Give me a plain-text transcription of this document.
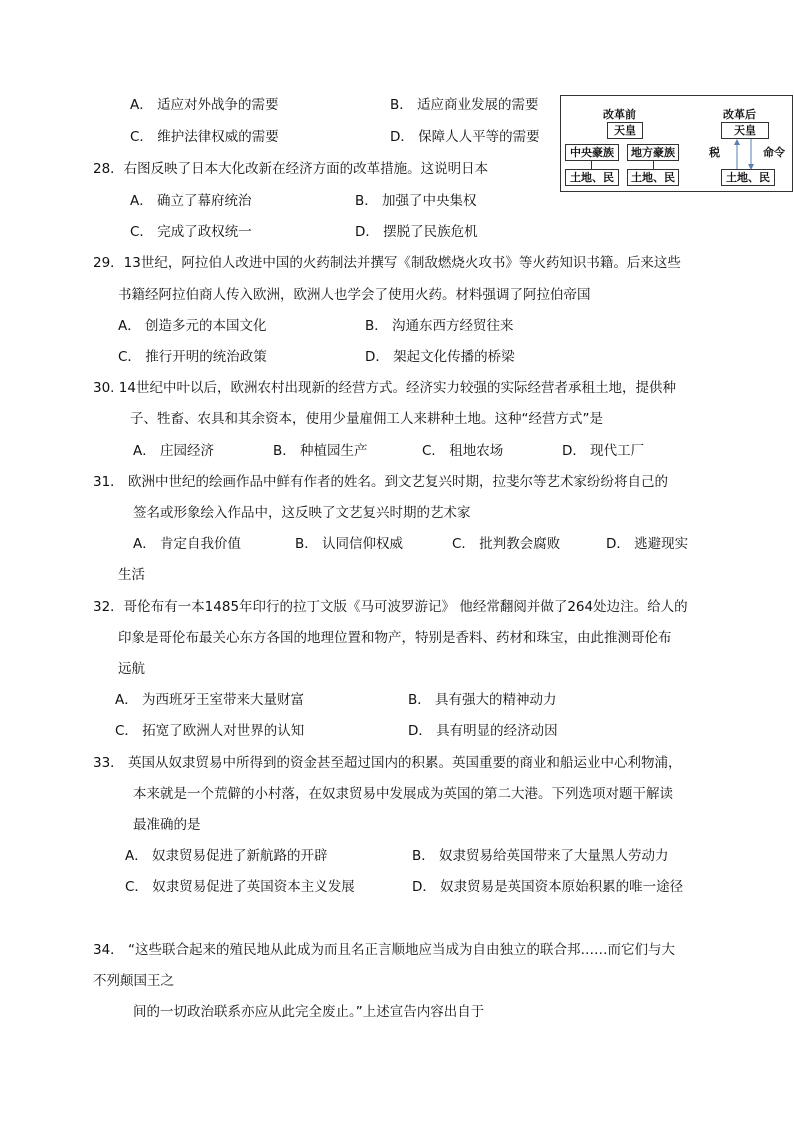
A． 适应对外战争的需要	B． 适应商业发展的需要
C． 维护法律权威的需要	D． 保障人人平等的需要
改革前	改革后
天皇	天皇
中央豪族	地方豪族
土地、民	土地、民
税	命令
土地、民
28．右图反映了日本大化改新在经济方面的改革措施。这说明日本
A． 确立了幕府统治	B． 加强了中央集权
C． 完成了政权统一	D． 摆脱了民族危机
29．13世纪，阿拉伯人改进中国的火药制法并撰写《制敌燃烧火攻书》等火药知识书籍。后来这些
书籍经阿拉伯商人传入欧洲，欧洲人也学会了使用火药。材料强调了阿拉伯帝国
A． 创造多元的本国文化	B． 沟通东西方经贸往来
C． 推行开明的统治政策	D． 架起文化传播的桥梁
30. 14世纪中叶以后，欧洲农村出现新的经营方式。经济实力较强的实际经营者承租土地，提供种
子、牲畜、农具和其余资本，使用少量雇佣工人来耕种土地。这种“经营方式”是
A． 庄园经济	B． 种植园生产	C． 租地农场	D． 现代工厂
31． 欧洲中世纪的绘画作品中鲜有作者的姓名。到文艺复兴时期，拉斐尔等艺术家纷纷将自己的
签名或形象绘入作品中，这反映了文艺复兴时期的艺术家
A． 肯定自我价值	B． 认同信仰权威	C． 批判教会腐败	D． 逃避现实
生活
32．哥伦布有一本1485年印行的拉丁文版《马可波罗游记》 他经常翻阅并做了264处边注。给人的
印象是哥伦布最关心东方各国的地理位置和物产，特别是香料、药材和珠宝，由此推测哥伦布
远航
A． 为西班牙王室带来大量财富	B． 具有强大的精神动力
C． 拓宽了欧洲人对世界的认知	D． 具有明显的经济动因
33． 英国从奴隶贸易中所得到的资金甚至超过国内的积累。英国重要的商业和船运业中心利物浦，
本来就是一个荒僻的小村落，在奴隶贸易中发展成为英国的第二大港。下列选项对题干解读
最准确的是
A． 奴隶贸易促进了新航路的开辟	B． 奴隶贸易给英国带来了大量黑人劳动力
C． 奴隶贸易促进了英国资本主义发展	D． 奴隶贸易是英国资本原始积累的唯一途径
34． “这些联合起来的殖民地从此成为而且名正言顺地应当成为自由独立的联合邦……而它们与大
不列颠国王之
间的一切政治联系亦应从此完全废止。”上述宣告内容出自于
